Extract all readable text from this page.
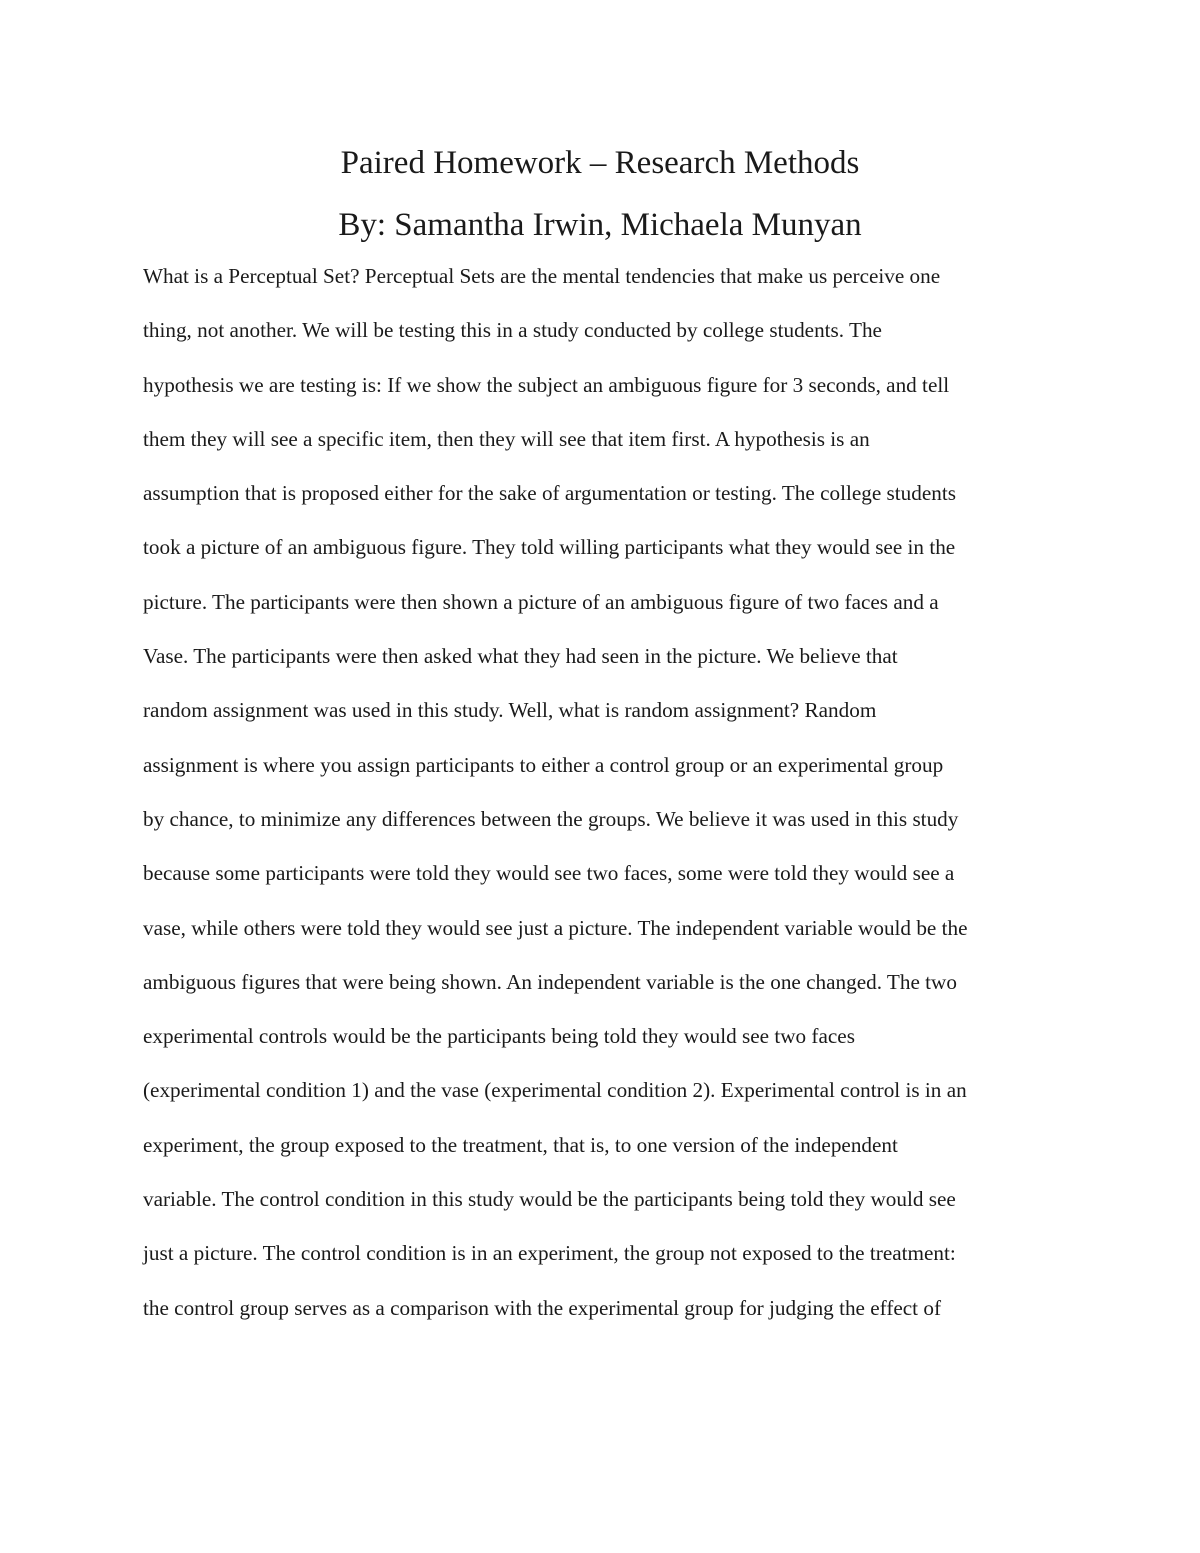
Paired Homework – Research Methods
By: Samantha Irwin, Michaela Munyan
What is a Perceptual Set? Perceptual Sets are the mental tendencies that make us perceive one
thing, not another. We will be testing this in a study conducted by college students. The
hypothesis we are testing is: If we show the subject an ambiguous figure for 3 seconds, and tell
them they will see a specific item, then they will see that item first. A hypothesis is an
assumption that is proposed either for the sake of argumentation or testing. The college students
took a picture of an ambiguous figure. They told willing participants what they would see in the
picture. The participants were then shown a picture of an ambiguous figure of two faces and a
Vase. The participants were then asked what they had seen in the picture. We believe that
random assignment was used in this study. Well, what is random assignment? Random
assignment is where you assign participants to either a control group or an experimental group
by chance, to minimize any differences between the groups. We believe it was used in this study
because some participants were told they would see two faces, some were told they would see a
vase, while others were told they would see just a picture. The independent variable would be the
ambiguous figures that were being shown. An independent variable is the one changed. The two
experimental controls would be the participants being told they would see two faces
(experimental condition 1) and the vase (experimental condition 2). Experimental control is in an
experiment, the group exposed to the treatment, that is, to one version of the independent
variable. The control condition in this study would be the participants being told they would see
just a picture. The control condition is in an experiment, the group not exposed to the treatment:
the control group serves as a comparison with the experimental group for judging the effect of
